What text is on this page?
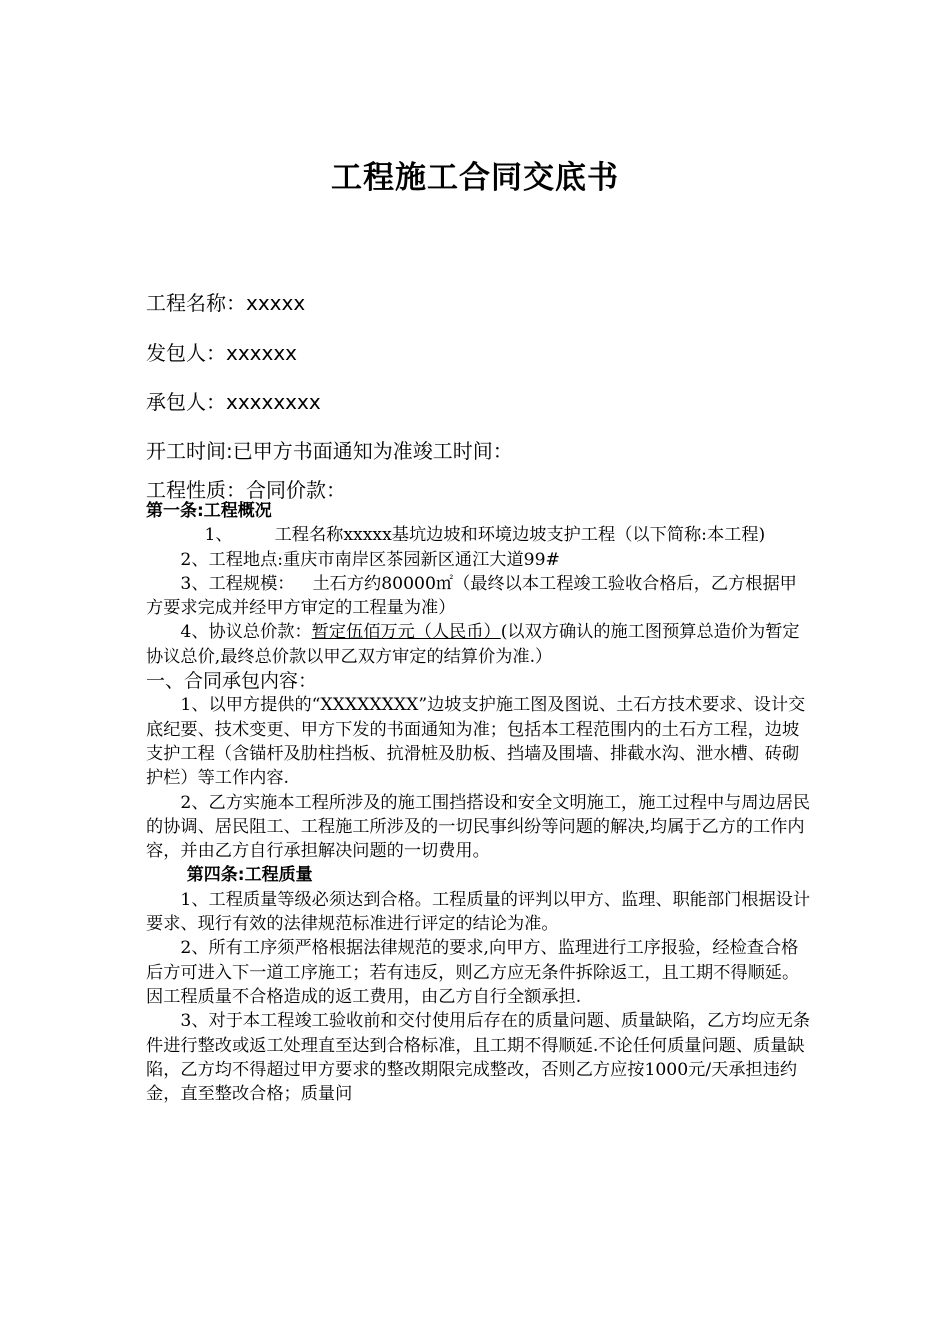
工程施工合同交底书
工程名称：xxxxx
发包人：xxxxxx
承包人：xxxxxxxx
开工时间:已甲方书面通知为准竣工时间：
工程性质：合同价款：

第一条:工程概况

1、 工程名称xxxxx基坑边坡和环境边坡支护工程（以下简称:本工程)

2、工程地点:重庆市南岸区茶园新区通江大道99#

3、工程规模： 土石方约80000㎡（最终以本工程竣工验收合格后，乙方根据甲方要求完成并经甲方审定的工程量为准）

4、协议总价款：暂定伍佰万元（人民币）(以双方确认的施工图预算总造价为暂定协议总价,最终总价款以甲乙双方审定的结算价为准.）

一、合同承包内容：

1、以甲方提供的“XXXXXXXX”边坡支护施工图及图说、土石方技术要求、设计交底纪要、技术变更、甲方下发的书面通知为准；包括本工程范围内的土石方工程，边坡支护工程（含锚杆及肋柱挡板、抗滑桩及肋板、挡墙及围墙、排截水沟、泄水槽、砖砌护栏）等工作内容.

2、乙方实施本工程所涉及的施工围挡搭设和安全文明施工，施工过程中与周边居民的协调、居民阻工、工程施工所涉及的一切民事纠纷等问题的解决,均属于乙方的工作内容，并由乙方自行承担解决问题的一切费用。

第四条:工程质量

1、工程质量等级必须达到合格。工程质量的评判以甲方、监理、职能部门根据设计要求、现行有效的法律规范标准进行评定的结论为准。

2、所有工序须严格根据法律规范的要求,向甲方、监理进行工序报验，经检查合格后方可进入下一道工序施工；若有违反，则乙方应无条件拆除返工，且工期不得顺延。因工程质量不合格造成的返工费用，由乙方自行全额承担.

3、对于本工程竣工验收前和交付使用后存在的质量问题、质量缺陷，乙方均应无条件进行整改或返工处理直至达到合格标准，且工期不得顺延.不论任何质量问题、质量缺陷，乙方均不得超过甲方要求的整改期限完成整改，否则乙方应按1000元/天承担违约金，直至整改合格；质量问
